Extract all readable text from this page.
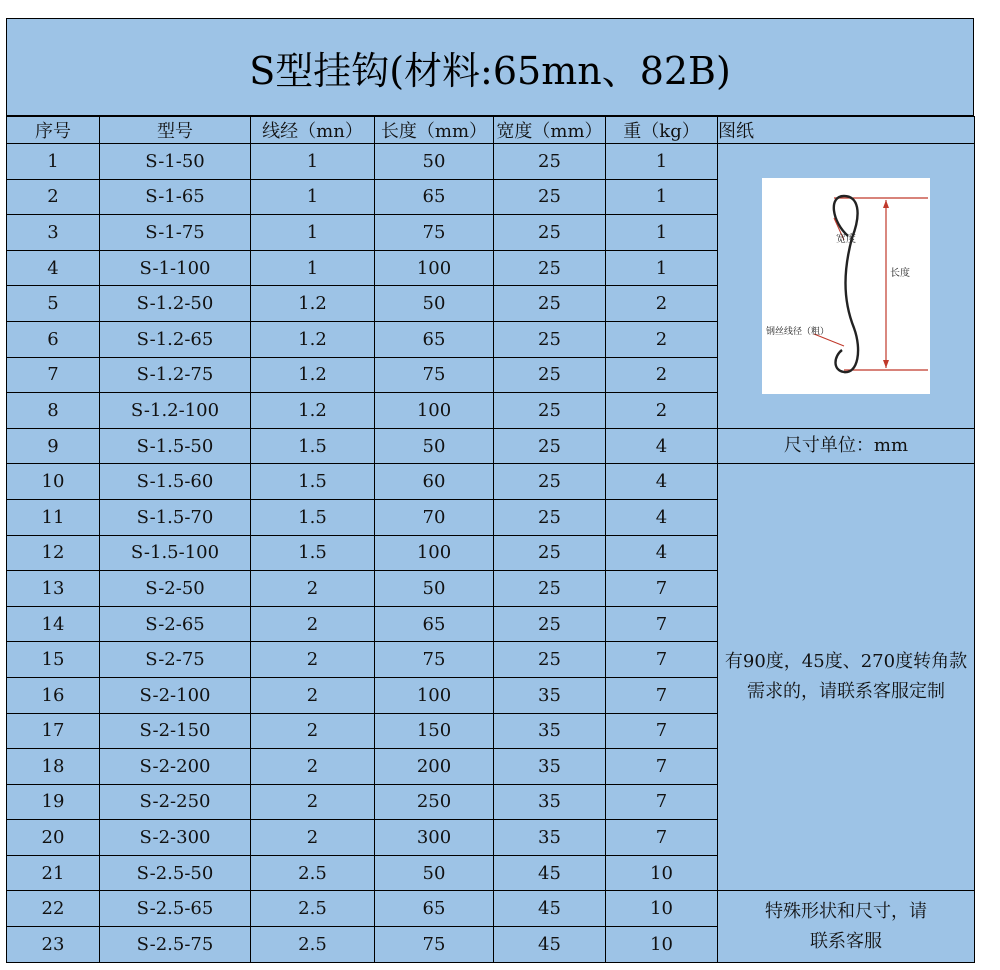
S型挂钩(材料:65mn、82B)
序号	型号	线经（mn）	长度（mm）	宽度（mm）	重（kg）	图纸
1	S-1-50	1	50	25	1	宽度
长度
钢丝线径（粗）

2	S-1-65	1	65	25	1	
3	S-1-75	1	75	25	1	
4	S-1-100	1	100	25	1	
5	S-1.2-50	1.2	50	25	2	
6	S-1.2-65	1.2	65	25	2	
7	S-1.2-75	1.2	75	25	2	
8	S-1.2-100	1.2	100	25	2	
9	S-1.5-50	1.5	50	25	4	尺寸单位：mm
10	S-1.5-60	1.5	60	25	4	有90度，45度、270度转角款需求的，请联系客服定制
11	S-1.5-70	1.5	70	25	4	
12	S-1.5-100	1.5	100	25	4	
13	S-2-50	2	50	25	7	
14	S-2-65	2	65	25	7	
15	S-2-75	2	75	25	7	
16	S-2-100	2	100	35	7	
17	S-2-150	2	150	35	7	
18	S-2-200	2	200	35	7	
19	S-2-250	2	250	35	7	
20	S-2-300	2	300	35	7	
21	S-2.5-50	2.5	50	45	10	
22	S-2.5-65	2.5	65	45	10	特殊形状和尺寸，请联系客服
23	S-2.5-75	2.5	75	45	10	
